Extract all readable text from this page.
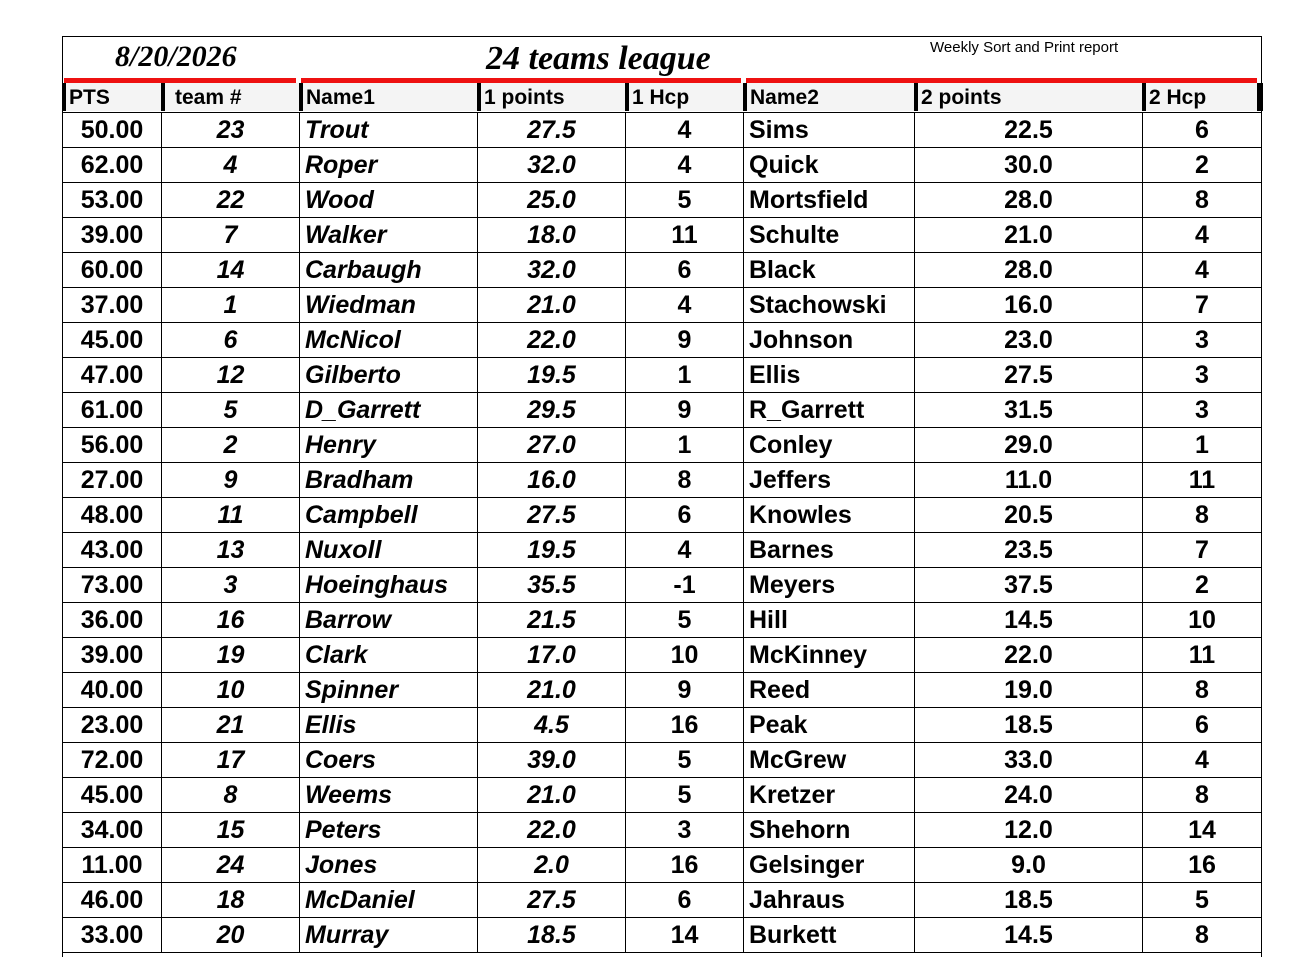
8/20/2026	24 teams league	Weekly Sort and Print report
PTS	team #	Name1	1 points	1 Hcp	Name2	2 points	2 Hcp
50.00	23	Trout	27.5	4	Sims	22.5	6
62.00	4	Roper	32.0	4	Quick	30.0	2
53.00	22	Wood	25.0	5	Mortsfield	28.0	8
39.00	7	Walker	18.0	11	Schulte	21.0	4
60.00	14	Carbaugh	32.0	6	Black	28.0	4
37.00	1	Wiedman	21.0	4	Stachowski	16.0	7
45.00	6	McNicol	22.0	9	Johnson	23.0	3
47.00	12	Gilberto	19.5	1	Ellis	27.5	3
61.00	5	D_Garrett	29.5	9	R_Garrett	31.5	3
56.00	2	Henry	27.0	1	Conley	29.0	1
27.00	9	Bradham	16.0	8	Jeffers	11.0	11
48.00	11	Campbell	27.5	6	Knowles	20.5	8
43.00	13	Nuxoll	19.5	4	Barnes	23.5	7
73.00	3	Hoeinghaus	35.5	-1	Meyers	37.5	2
36.00	16	Barrow	21.5	5	Hill	14.5	10
39.00	19	Clark	17.0	10	McKinney	22.0	11
40.00	10	Spinner	21.0	9	Reed	19.0	8
23.00	21	Ellis	4.5	16	Peak	18.5	6
72.00	17	Coers	39.0	5	McGrew	33.0	4
45.00	8	Weems	21.0	5	Kretzer	24.0	8
34.00	15	Peters	22.0	3	Shehorn	12.0	14
11.00	24	Jones	2.0	16	Gelsinger	9.0	16
46.00	18	McDaniel	27.5	6	Jahraus	18.5	5
33.00	20	Murray	18.5	14	Burkett	14.5	8
